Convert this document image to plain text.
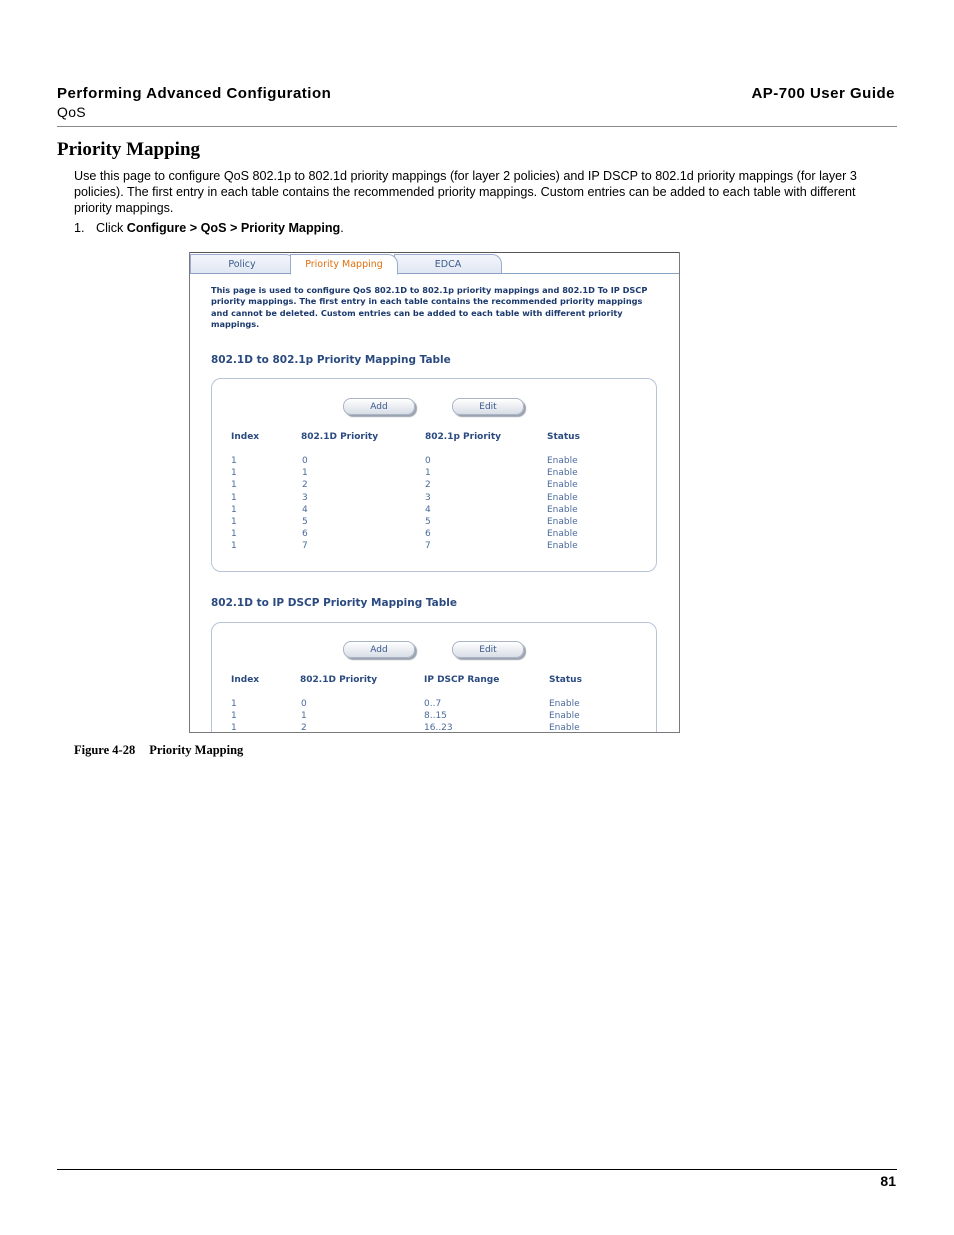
Performing Advanced Configuration
QoS
AP-700 User Guide
Priority Mapping
Use this page to configure QoS 802.1p to 802.1d priority mappings (for layer 2 policies) and IP DSCP to 802.1d priority mappings (for layer 3 policies). The first entry in each table contains the recommended priority mappings. Custom entries can be added to each table with different priority mappings.
1. Click Configure > QoS > Priority Mapping.
Policy	EDCA
Priority Mapping
This page is used to configure QoS 802.1D to 802.1p priority mappings and 802.1D To IP DSCP priority mappings. The first entry in each table contains the recommended priority mappings and cannot be deleted. Custom entries can be added to each table with different priority mappings.
802.1D to 802.1p Priority Mapping Table
Add	Edit
Index	802.1D Priority	802.1p Priority	Status
1	0	0	Enable
1	1	1	Enable
1	2	2	Enable
1	3	3	Enable
1	4	4	Enable
1	5	5	Enable
1	6	6	Enable
1	7	7	Enable
802.1D to IP DSCP Priority Mapping Table
Add	Edit
Index	802.1D Priority	IP DSCP Range	Status
1	0	0..7	Enable
1	1	8..15	Enable
1	2	16..23	Enable
Figure 4-28 Priority Mapping
81
